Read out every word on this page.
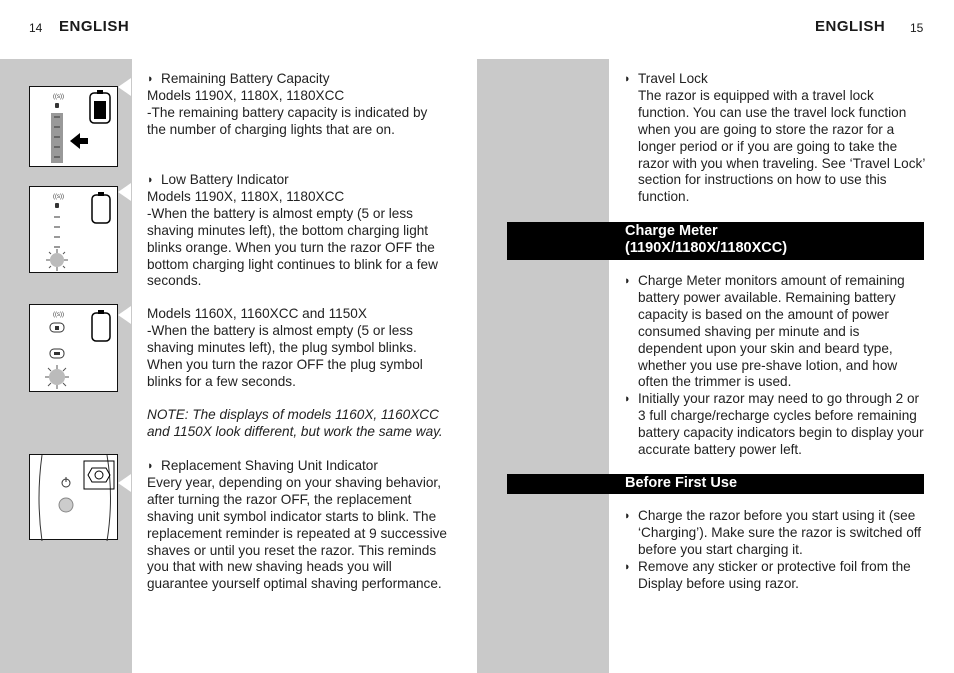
14 ENGLISH	ENGLISH 15
((s))
((s))
((s))
◗ Remaining Battery Capacity
Models 1190X, 1180X, 1180XCC
-The remaining battery capacity is indicated by the number of charging lights that are on.
◗ Low Battery Indicator
Models 1190X, 1180X, 1180XCC
-When the battery is almost empty (5 or less shaving minutes left), the bottom charging light blinks orange. When you turn the razor OFF the bottom charging light continues to blink for a few seconds.
Models 1160X, 1160XCC and 1150X
-When the battery is almost empty (5 or less shaving minutes left), the plug symbol blinks. When you turn the razor OFF the plug symbol blinks for a few seconds.
NOTE: The displays of models 1160X, 1160XCC and 1150X look different, but work the same way.
◗ Replacement Shaving Unit Indicator
Every year, depending on your shaving behavior, after turning the razor OFF, the replacement shaving unit symbol indicator starts to blink. The replacement reminder is repeated at 9 successive shaves or until you reset the razor. This reminds you that with new shaving heads you will guarantee yourself optimal shaving performance.
◗ Travel Lock
The razor is equipped with a travel lock function. You can use the travel lock function when you are going to store the razor for a longer period or if you are going to take the razor with you when traveling. See ‘Travel Lock’ section for instructions on how to use this function.
Charge Meter
(1190X/1180X/1180XCC)
◗ Charge Meter monitors amount of remaining battery power available. Remaining battery capacity is based on the amount of power consumed shaving per minute and is dependent upon your skin and beard type, whether you use pre-shave lotion, and how often the trimmer is used.
◗ Initially your razor may need to go through 2 or 3 full charge/recharge cycles before remaining battery capacity indicators begin to display your accurate battery power left.
Before First Use
◗ Charge the razor before you start using it (see ‘Charging’). Make sure the razor is switched off before you start charging it.
◗ Remove any sticker or protective foil from the Display before using razor.
